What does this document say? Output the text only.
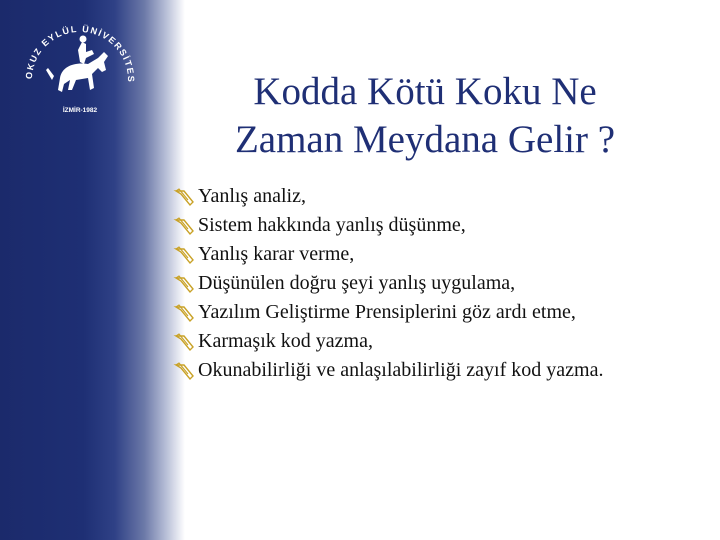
OKUZ EYLÜL ÜNİVERSİTES
İZMİR-1982	Kodda Kötü Koku Ne
Zaman Meydana Gelir ?
Yanlış analiz,
Sistem hakkında yanlış düşünme,
Yanlış karar verme,
Düşünülen doğru şeyi yanlış uygulama,
Yazılım Geliştirme Prensiplerini göz ardı etme,
Karmaşık kod yazma,
Okunabilirliği ve anlaşılabilirliği zayıf kod yazma.
